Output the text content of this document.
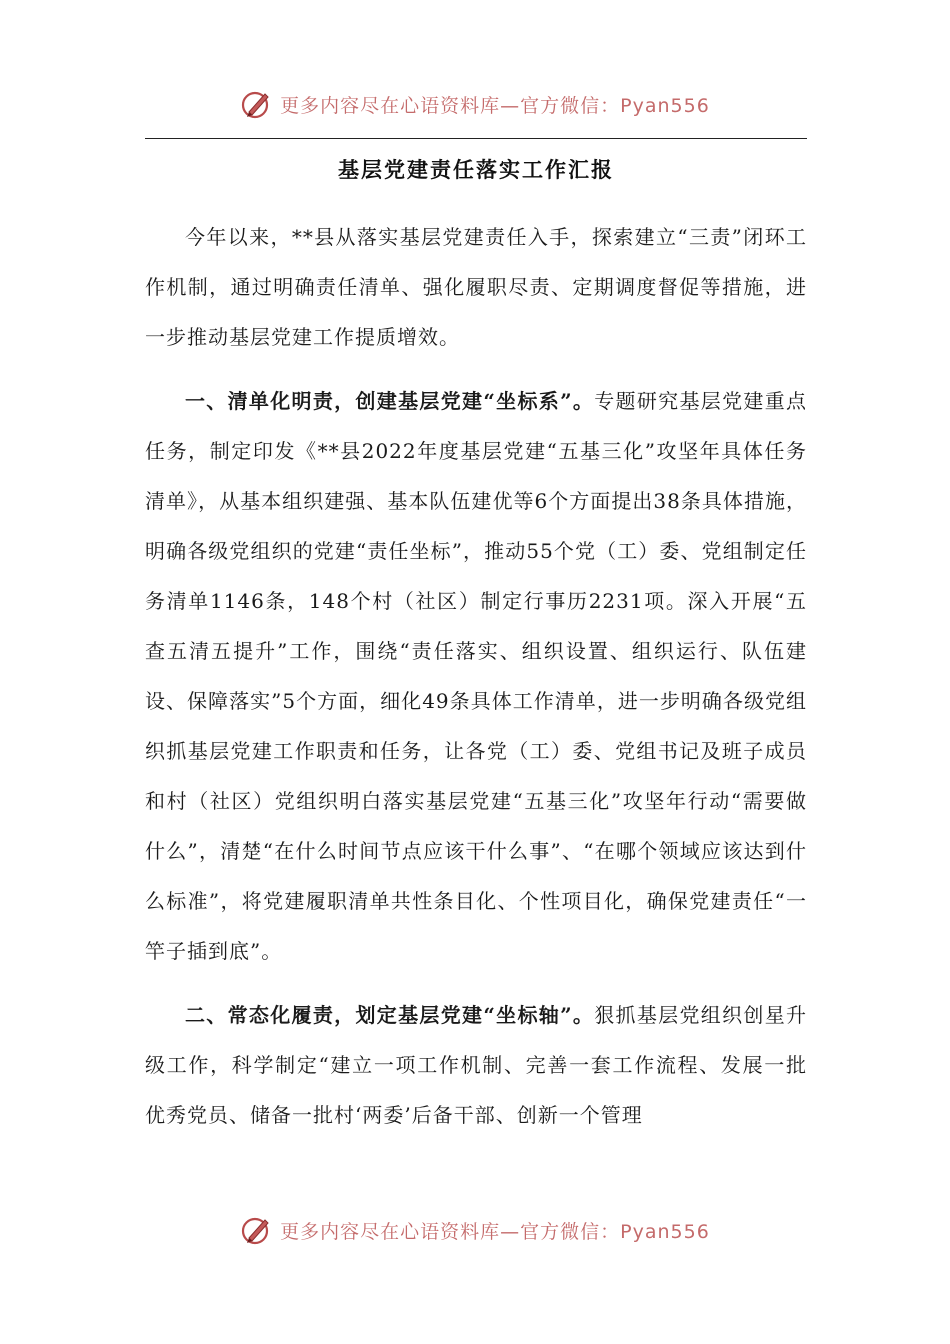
更多内容尽在心语资料库—官方微信：Pyan556
基层党建责任落实工作汇报

今年以来，**县从落实基层党建责任入手，探索建立“三责”闭环工作机制，通过明确责任清单、强化履职尽责、定期调度督促等措施，进一步推动基层党建工作提质增效。

一、清单化明责，创建基层党建“坐标系”。专题研究基层党建重点任务，制定印发《**县2022年度基层党建“五基三化”攻坚年具体任务清单》，从基本组织建强、基本队伍建优等6个方面提出38条具体措施，明确各级党组织的党建“责任坐标”，推动55个党（工）委、党组制定任务清单1146条，148个村（社区）制定行事历2231项。深入开展“五查五清五提升”工作，围绕“责任落实、组织设置、组织运行、队伍建设、保障落实”5个方面，细化49条具体工作清单，进一步明确各级党组织抓基层党建工作职责和任务，让各党（工）委、党组书记及班子成员和村（社区）党组织明白落实基层党建“五基三化”攻坚年行动“需要做什么”，清楚“在什么时间节点应该干什么事”、“在哪个领域应该达到什么标准”，将党建履职清单共性条目化、个性项目化，确保党建责任“一竿子插到底”。

二、常态化履责，划定基层党建“坐标轴”。狠抓基层党组织创星升级工作，科学制定“建立一项工作机制、完善一套工作流程、发展一批优秀党员、储备一批村‘两委’后备干部、创新一个管理

更多内容尽在心语资料库—官方微信：Pyan556
